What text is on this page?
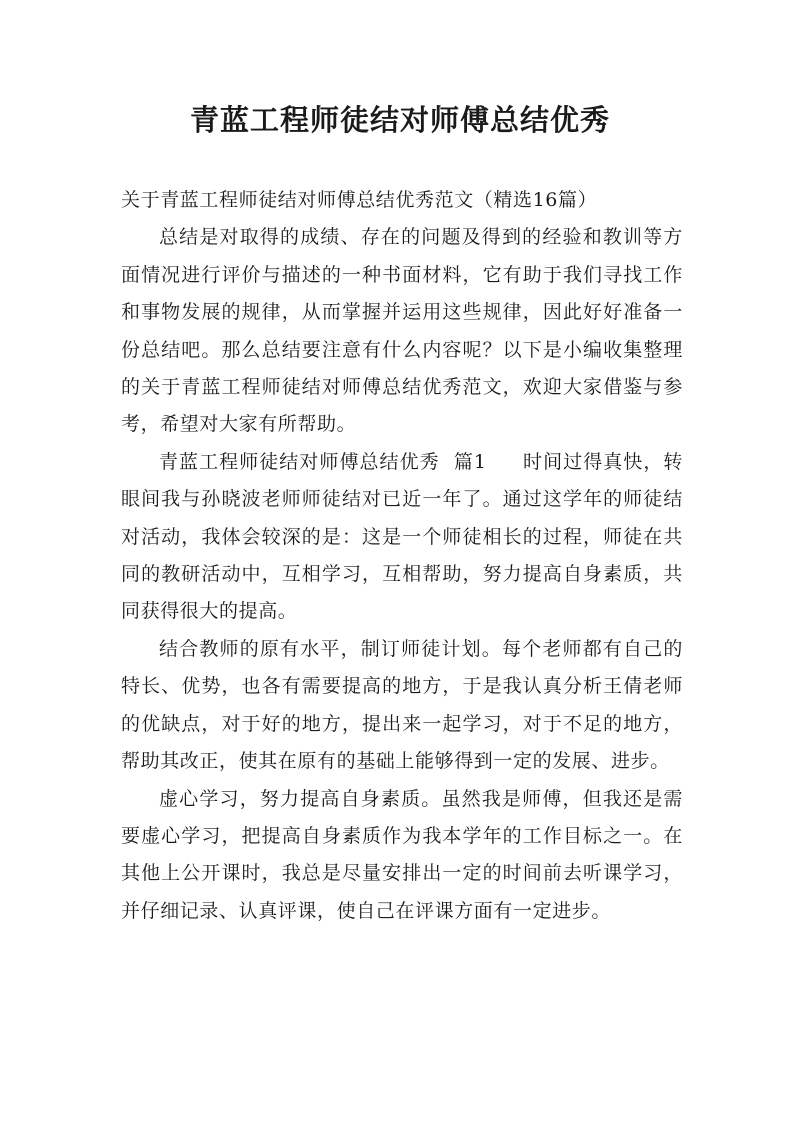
青蓝工程师徒结对师傅总结优秀

关于青蓝工程师徒结对师傅总结优秀范文（精选16篇）

总结是对取得的成绩、存在的问题及得到的经验和教训等方面情况进行评价与描述的一种书面材料，它有助于我们寻找工作和事物发展的规律，从而掌握并运用这些规律，因此好好准备一份总结吧。那么总结要注意有什么内容呢？以下是小编收集整理的关于青蓝工程师徒结对师傅总结优秀范文，欢迎大家借鉴与参考，希望对大家有所帮助。

青蓝工程师徒结对师傅总结优秀  篇1 时间过得真快，转眼间我与孙晓波老师师徒结对已近一年了。通过这学年的师徒结对活动，我体会较深的是：这是一个师徒相长的过程，师徒在共同的教研活动中，互相学习，互相帮助，努力提高自身素质，共同获得很大的提高。

结合教师的原有水平，制订师徒计划。每个老师都有自己的特长、优势，也各有需要提高的地方，于是我认真分析王倩老师的优缺点，对于好的地方，提出来一起学习，对于不足的地方，帮助其改正，使其在原有的基础上能够得到一定的发展、进步。

虚心学习，努力提高自身素质。虽然我是师傅，但我还是需要虚心学习，把提高自身素质作为我本学年的工作目标之一。在其他上公开课时，我总是尽量安排出一定的时间前去听课学习，并仔细记录、认真评课，使自己在评课方面有一定进步。
